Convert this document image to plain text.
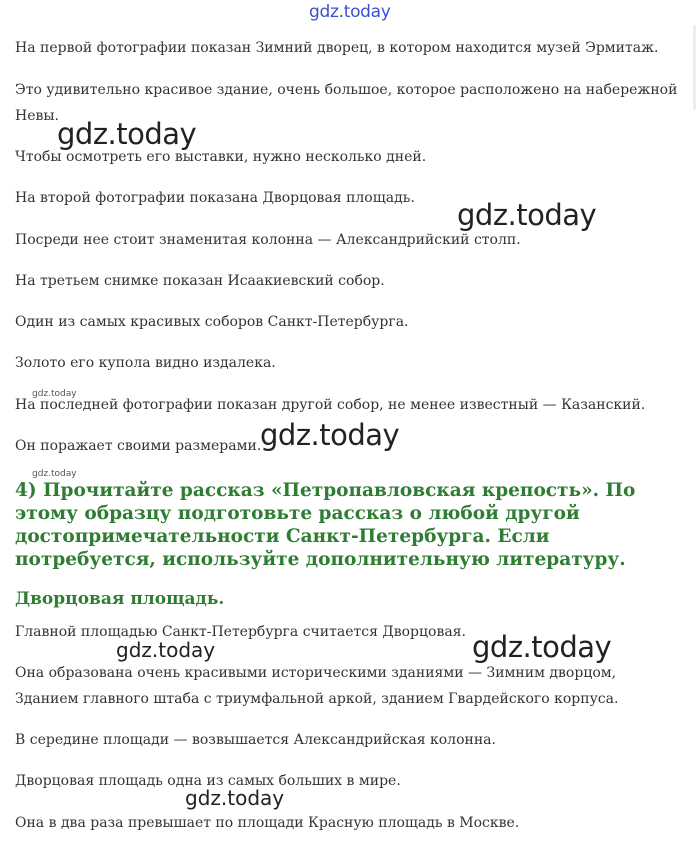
gdz.today

На первой фотографии показан Зимний дворец, в котором находится музей Эрмитаж.

Это удивительно красивое здание, очень большое, которое расположено на набережной Невы.

Чтобы осмотреть его выставки, нужно несколько дней.

На второй фотографии показана Дворцовая площадь.

Посреди нее стоит знаменитая колонна — Александрийский столп.

На третьем снимке показан Исаакиевский собор.

Один из самых красивых соборов Санкт-Петербурга.

Золото его купола видно издалека.

На последней фотографии показан другой собор, не менее известный — Казанский.

Он поражает своими размерами.

4) Прочитайте рассказ «Петропавловская крепость». По этому образцу подготовьте рассказ о любой другой достопримечательности Санкт-Петербурга. Если потребуется, используйте дополнительную литературу.
Дворцовая площадь.

Главной площадью Санкт-Петербурга считается Дворцовая.

Она образована очень красивыми историческими зданиями — Зимним дворцом, Зданием главного штаба с триумфальной аркой, зданием Гвардейского корпуса.

В середине площади — возвышается Александрийская колонна.

Дворцовая площадь одна из самых больших в мире.

Она в два раза превышает по площади Красную площадь в Москве.

gdz.today
gdz.today
gdz.today
gdz.today
gdz.today
gdz.today
gdz.today
gdz.today
